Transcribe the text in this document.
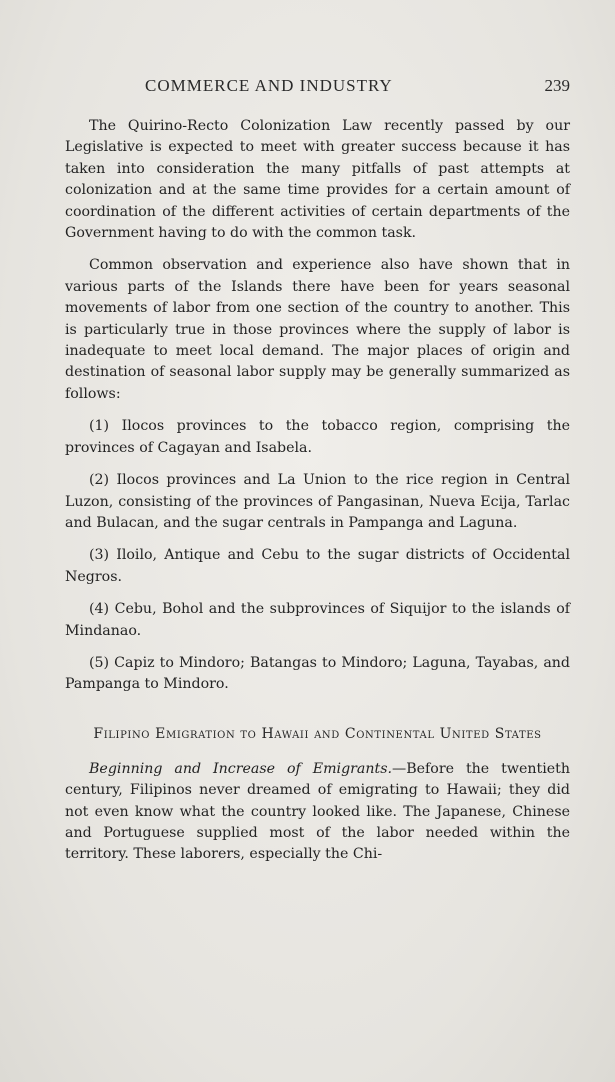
COMMERCE AND INDUSTRY	239

The Quirino-Recto Colonization Law recently passed by our Legislative is expected to meet with greater success because it has taken into consideration the many pitfalls of past attempts at colonization and at the same time provides for a certain amount of coordination of the different activities of certain departments of the Government having to do with the common task.

Common observation and experience also have shown that in various parts of the Islands there have been for years seasonal movements of labor from one section of the country to another. This is particularly true in those provinces where the supply of labor is inadequate to meet local demand. The major places of origin and destination of seasonal labor supply may be generally summarized as follows:

(1) Ilocos provinces to the tobacco region, comprising the provinces of Cagayan and Isabela.

(2) Ilocos provinces and La Union to the rice region in Central Luzon, consisting of the provinces of Pangasinan, Nueva Ecija, Tarlac and Bulacan, and the sugar centrals in Pampanga and Laguna.

(3) Iloilo, Antique and Cebu to the sugar districts of Occidental Negros.

(4) Cebu, Bohol and the subprovinces of Siquijor to the islands of Mindanao.

(5) Capiz to Mindoro; Batangas to Mindoro; Laguna, Tayabas, and Pampanga to Mindoro.

Filipino Emigration to Hawaii and Continental United States

Beginning and Increase of Emigrants.—Before the twentieth century, Filipinos never dreamed of emigrating to Hawaii; they did not even know what the country looked like. The Japanese, Chinese and Portuguese supplied most of the labor needed within the territory. These laborers, especially the Chi-
